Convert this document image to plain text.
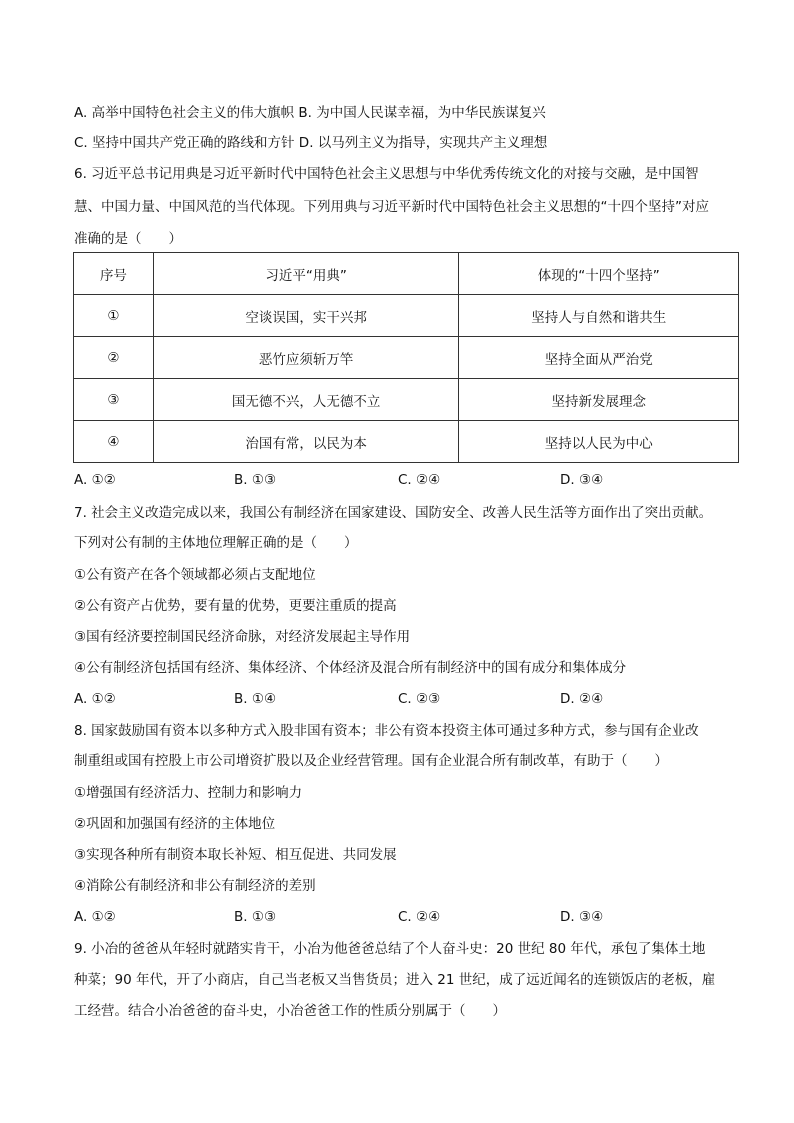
A. 高举中国特色社会主义的伟大旗帜 B. 为中国人民谋幸福，为中华民族谋复兴
C. 坚持中国共产党正确的路线和方针 D. 以马列主义为指导，实现共产主义理想
6. 习近平总书记用典是习近平新时代中国特色社会主义思想与中华优秀传统文化的对接与交融，是中国智
慧、中国力量、中国风范的当代体现。下列用典与习近平新时代中国特色社会主义思想的“十四个坚持”对应
准确的是（　　）
序号	习近平“用典”	体现的“十四个坚持”
①	空谈误国，实干兴邦	坚持人与自然和谐共生
②	恶竹应须斩万竿	坚持全面从严治党
③	国无德不兴，人无德不立	坚持新发展理念
④	治国有常，以民为本	坚持以人民为中心
A. ①②	B. ①③	C. ②④	D. ③④
7. 社会主义改造完成以来，我国公有制经济在国家建设、国防安全、改善人民生活等方面作出了突出贡献。
下列对公有制的主体地位理解正确的是（　　）
①公有资产在各个领域都必须占支配地位
②公有资产占优势，要有量的优势，更要注重质的提高
③国有经济要控制国民经济命脉，对经济发展起主导作用
④公有制经济包括国有经济、集体经济、个体经济及混合所有制经济中的国有成分和集体成分
A. ①②	B. ①④	C. ②③	D. ②④
8. 国家鼓励国有资本以多种方式入股非国有资本；非公有资本投资主体可通过多种方式，参与国有企业改
制重组或国有控股上市公司增资扩股以及企业经营管理。国有企业混合所有制改革，有助于（　　）
①增强国有经济活力、控制力和影响力
②巩固和加强国有经济的主体地位
③实现各种所有制资本取长补短、相互促进、共同发展
④消除公有制经济和非公有制经济的差别
A. ①②	B. ①③	C. ②④	D. ③④
9. 小冶的爸爸从年轻时就踏实肯干，小冶为他爸爸总结了个人奋斗史：20 世纪 80 年代，承包了集体土地
种菜；90 年代，开了小商店，自己当老板又当售货员；进入 21 世纪，成了远近闻名的连锁饭店的老板，雇
工经营。结合小冶爸爸的奋斗史，小冶爸爸工作的性质分别属于（　　）
